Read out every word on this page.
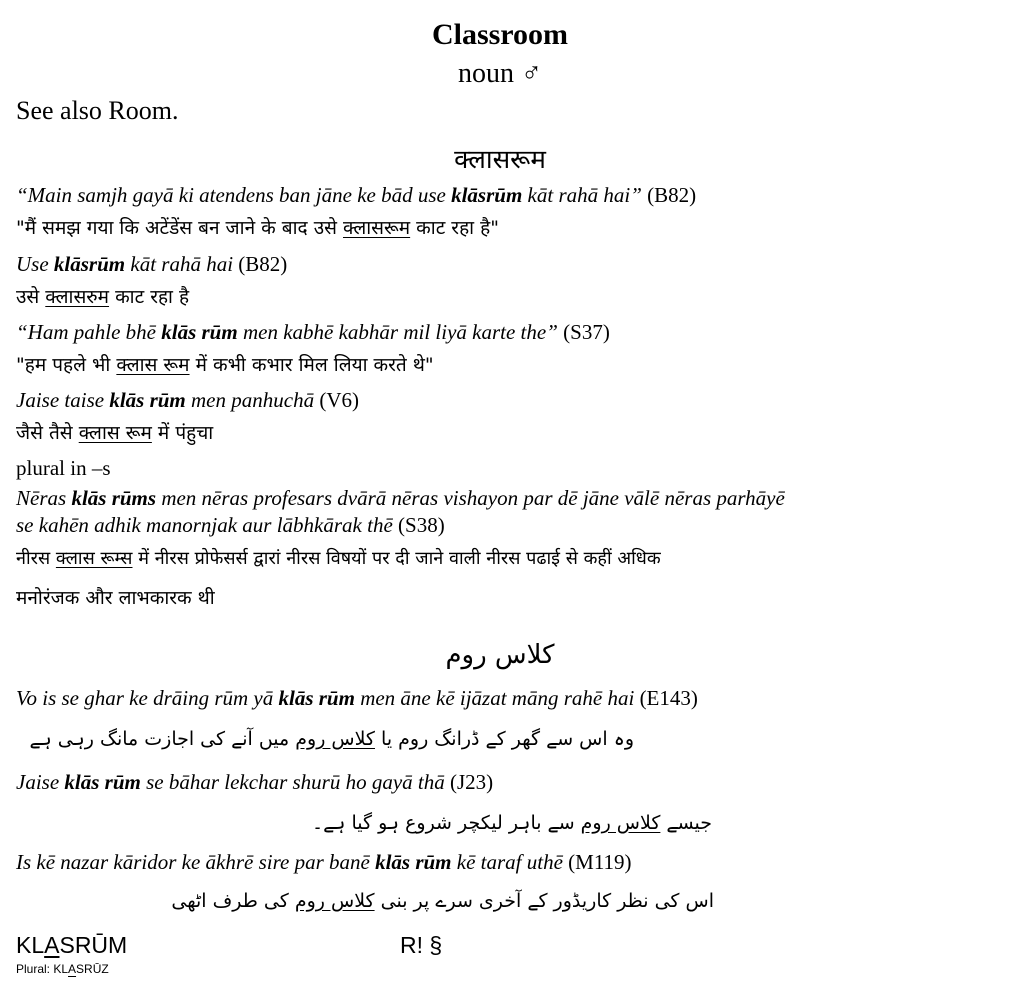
Classroom
noun ♂
See also Room.
क्लासरूम
“Main samjh gayā ki atendens ban jāne ke bād use klāsrūm kāt rahā hai” (B82)
"मैं समझ गया कि अटेंडेंस बन जाने के बाद उसे क्लासरूम काट रहा है"
Use klāsrūm kāt rahā hai (B82)
उसे क्लासरुम काट रहा है
“Ham pahle bhē klās rūm men kabhē kabhār mil liyā karte the” (S37)
"हम पहले भी क्लास रूम में कभी कभार मिल लिया करते थे"
Jaise taise klās rūm men panhuchā (V6)
जैसे तैसे क्लास रूम में पंहुचा
plural in –s
Nēras klās rūms men nēras profesars dvārā nēras vishayon par dē jāne vālē nēras parhāyē
se kahēn adhik manornjak aur lābhkārak thē (S38)
नीरस क्लास रूम्स में नीरस प्रोफेसर्स द्वारां नीरस विषयों पर दी जाने वाली नीरस पढाई से कहीं अधिक
मनोरंजक और लाभकारक थी
کلاس روم
Vo is se ghar ke drāing rūm yā klās rūm men āne kē ijāzat māng rahē hai (E143)
وہ اس سے گھر کے ڈرانگ روم یا کلاس روم میں آنے کی اجازت مانگ رہی ہے
Jaise klās rūm se bāhar lekchar shurū ho gayā thā (J23)
جیسے کلاس روم سے باہر لیکچر شروع ہو گیا ہے۔
Is kē nazar kāridor ke ākhrē sire par banē klās rūm kē taraf uthē (M119)
اس کی نظر کاریڈور کے آخری سرے پر بنی کلاس روم کی طرف اٹھی
KLASRŪM	R! §
Plural: KLASRŪZ
